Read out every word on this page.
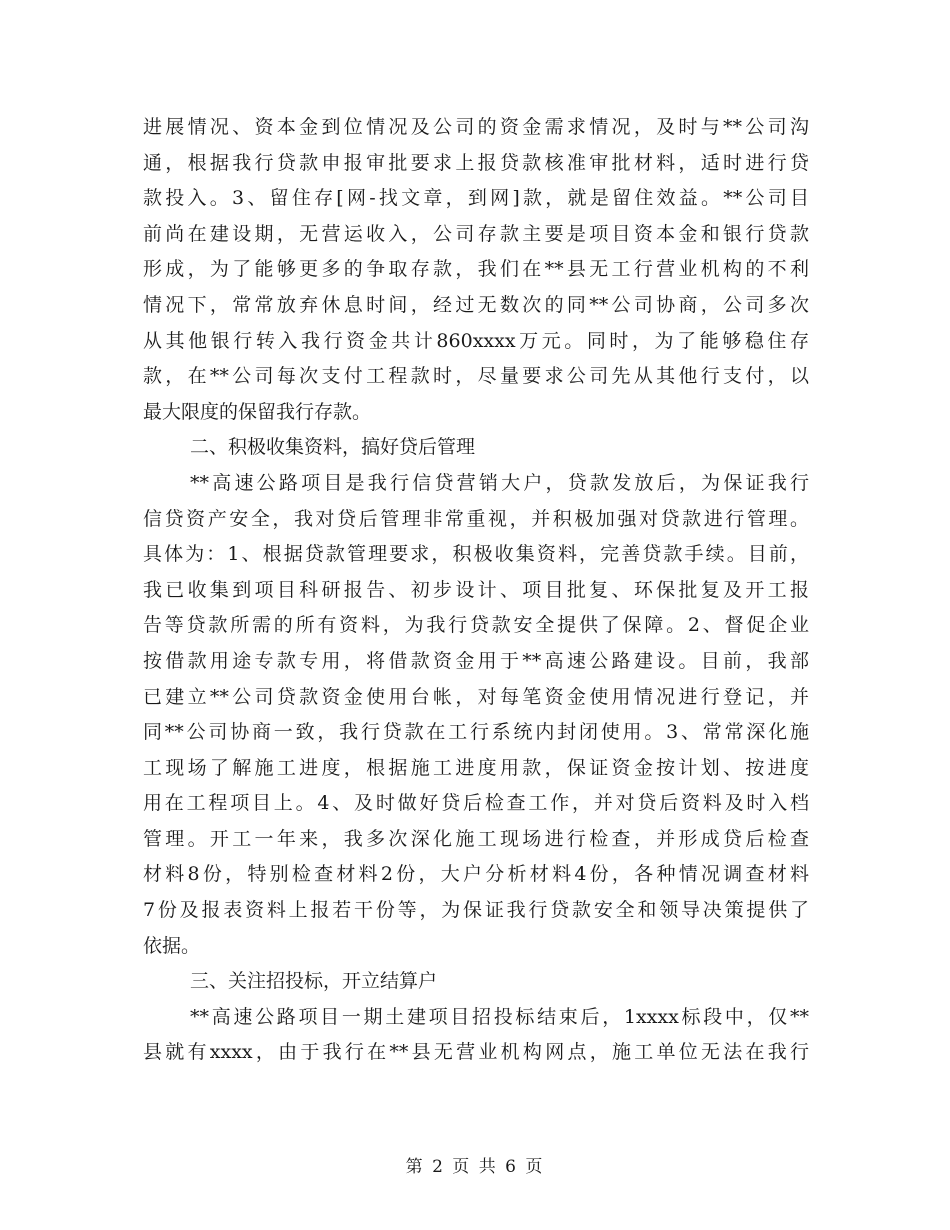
进展情况、资本金到位情况及公司的资金需求情况，及时与**公司沟
通，根据我行贷款申报审批要求上报贷款核准审批材料，适时进行贷
款投入。3、留住存[网-找文章，到网]款，就是留住效益。**公司目
前尚在建设期，无营运收入，公司存款主要是项目资本金和银行贷款
形成，为了能够更多的争取存款，我们在**县无工行营业机构的不利
情况下，常常放弃休息时间，经过无数次的同**公司协商，公司多次
从其他银行转入我行资金共计860xxxx万元。同时，为了能够稳住存
款，在**公司每次支付工程款时，尽量要求公司先从其他行支付，以
最大限度的保留我行存款。
二、积极收集资料，搞好贷后管理
**高速公路项目是我行信贷营销大户，贷款发放后，为保证我行
信贷资产安全，我对贷后管理非常重视，并积极加强对贷款进行管理。
具体为：1、根据贷款管理要求，积极收集资料，完善贷款手续。目前，
我已收集到项目科研报告、初步设计、项目批复、环保批复及开工报
告等贷款所需的所有资料，为我行贷款安全提供了保障。2、督促企业
按借款用途专款专用，将借款资金用于**高速公路建设。目前，我部
已建立**公司贷款资金使用台帐，对每笔资金使用情况进行登记，并
同**公司协商一致，我行贷款在工行系统内封闭使用。3、常常深化施
工现场了解施工进度，根据施工进度用款，保证资金按计划、按进度
用在工程项目上。4、及时做好贷后检查工作，并对贷后资料及时入档
管理。开工一年来，我多次深化施工现场进行检查，并形成贷后检查
材料8份，特别检查材料2份，大户分析材料4份，各种情况调查材料
7份及报表资料上报若干份等，为保证我行贷款安全和领导决策提供了
依据。
三、关注招投标，开立结算户
**高速公路项目一期土建项目招投标结束后，1xxxx标段中，仅**
县就有xxxx，由于我行在**县无营业机构网点，施工单位无法在我行
第 2 页 共 6 页
